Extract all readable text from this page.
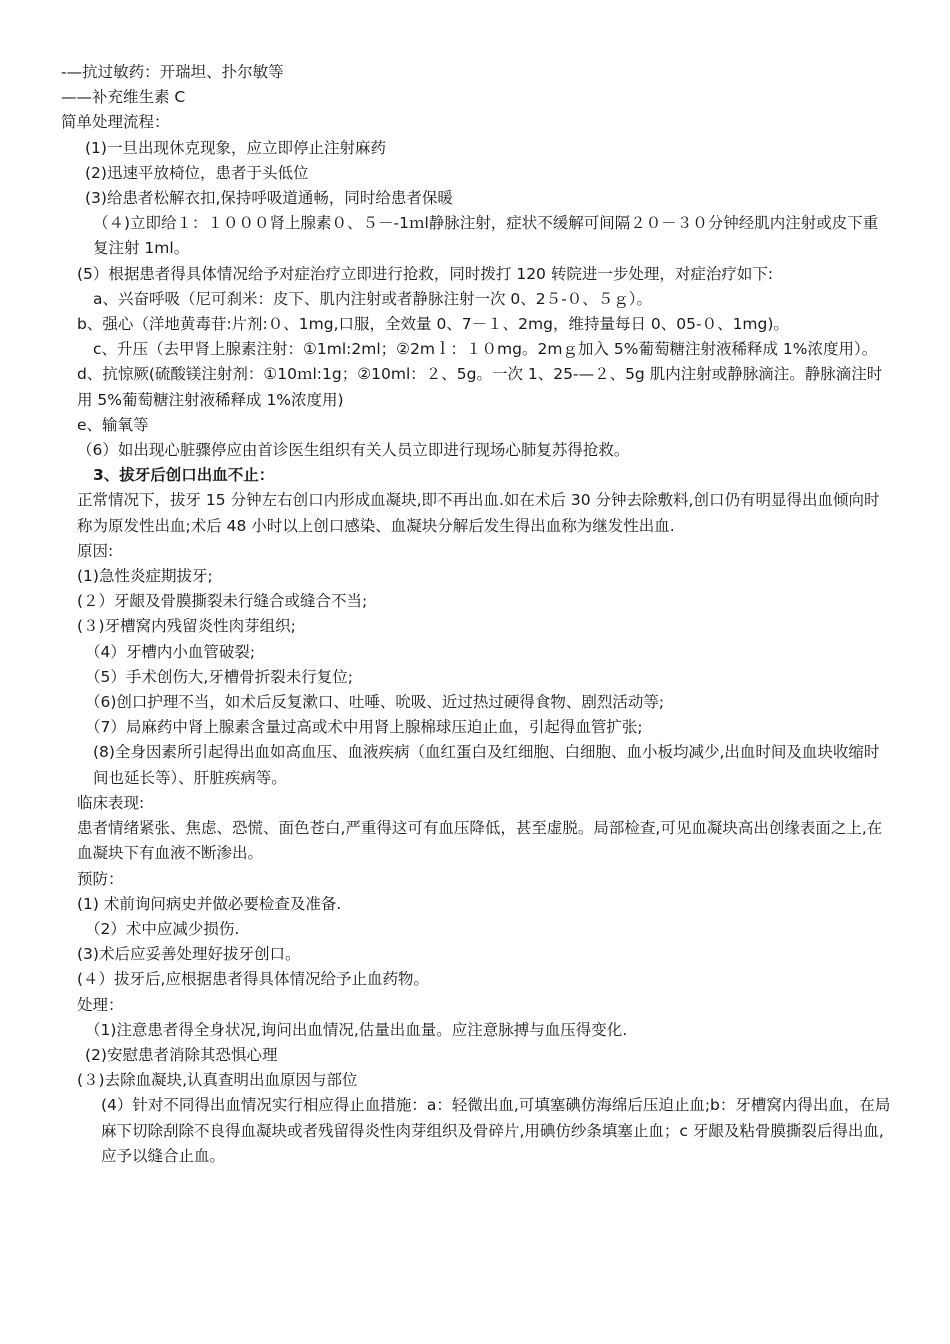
-—抗过敏药：开瑞坦、扑尔敏等
——补充维生素 C
简单处理流程：
(1)一旦出现休克现象，应立即停止注射麻药
(2)迅速平放椅位，患者于头低位
(3)给患者松解衣扣,保持呼吸道通畅，同时给患者保暖
（４)立即给１：１０００肾上腺素０、５－-1ｍl静脉注射，症状不缓解可间隔２０－３０分钟经肌内注射或皮下重复注射 1ml。
(5）根据患者得具体情况给予对症治疗立即进行抢救，同时拨打 120 转院进一步处理，对症治疗如下:
a、兴奋呼吸（尼可刹米：皮下、肌内注射或者静脉注射一次 0、2５-０、５ｇ）。
b、强心（洋地黄毒苷:片剂:０、1mg,口服，全效量 0、7－１、2mg，维持量每日 0、05-０、1mg)。
c、升压（去甲肾上腺素注射：①1ml:2ml；②2mｌ：１０mg。2mｇ加入 5%葡萄糖注射液稀释成 1%浓度用）。
d、抗惊厥(硫酸镁注射剂：①10ｍl:1g；②10ml：２、5g。一次 1、25-—２、5g 肌内注射或静脉滴注。静脉滴注时用 5%葡萄糖注射液稀释成 1%浓度用)
e、输氧等
（6）如出现心脏骤停应由首诊医生组织有关人员立即进行现场心肺复苏得抢救。
3、拔牙后创口出血不止：
正常情况下，拔牙 15 分钟左右创口内形成血凝块,即不再出血.如在术后 30 分钟去除敷料,创口仍有明显得出血倾向时称为原发性出血;术后 48 小时以上创口感染、血凝块分解后发生得出血称为继发性出血.
原因:
(1)急性炎症期拔牙;
(２）牙龈及骨膜撕裂未行缝合或缝合不当;
(３)牙槽窝内残留炎性肉芽组织;
（4）牙槽内小血管破裂;
（5）手术创伤大,牙槽骨折裂未行复位;
（6)创口护理不当，如术后反复漱口、吐唾、吮吸、近过热过硬得食物、剧烈活动等;
（7）局麻药中肾上腺素含量过高或术中用肾上腺棉球压迫止血，引起得血管扩张;
(8)全身因素所引起得出血如高血压、血液疾病（血红蛋白及红细胞、白细胞、血小板均减少,出血时间及血块收缩时间也延长等）、肝脏疾病等。
临床表现:
患者情绪紧张、焦虑、恐慌、面色苍白,严重得这可有血压降低，甚至虚脱。局部检查,可见血凝块高出创缘表面之上,在血凝块下有血液不断渗出。
预防：
(1) 术前询问病史并做必要检查及准备.
（2）术中应减少损伤.
(3)术后应妥善处理好拔牙创口。
(４）拔牙后,应根据患者得具体情况给予止血药物。
处理：
（1)注意患者得全身状况,询问出血情况,估量出血量。应注意脉搏与血压得变化.
(2)安慰患者消除其恐惧心理
(３)去除血凝块,认真查明出血原因与部位
(4）针对不同得出血情况实行相应得止血措施：a：轻微出血,可填塞碘仿海绵后压迫止血;b：牙槽窝内得出血，在局麻下切除刮除不良得血凝块或者残留得炎性肉芽组织及骨碎片,用碘仿纱条填塞止血；c 牙龈及粘骨膜撕裂后得出血,应予以缝合止血。
